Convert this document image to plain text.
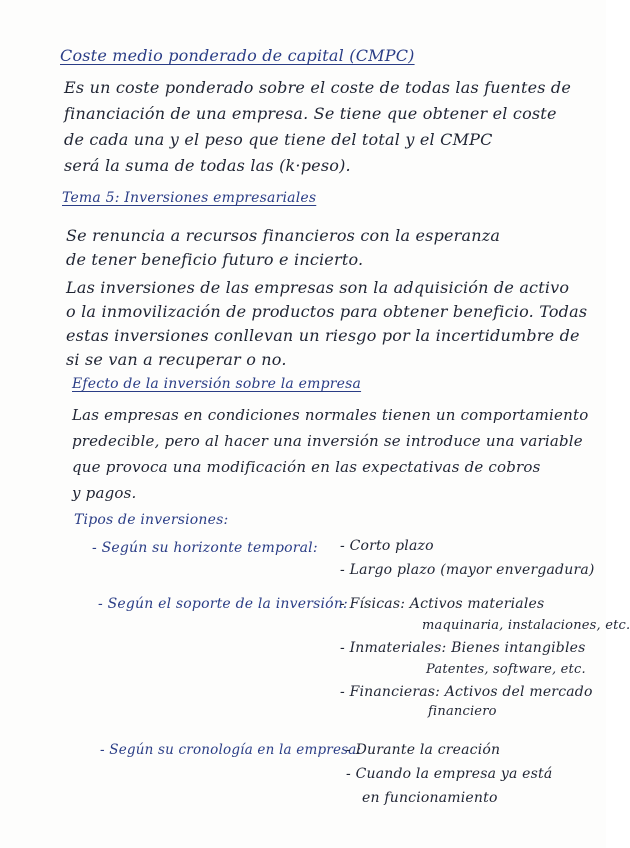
Coste medio ponderado de capital (CMPC)
Es un coste ponderado sobre el coste de todas las fuentes de
financiación de una empresa. Se tiene que obtener el coste
de cada una y el peso que tiene del total y el CMPC
será la suma de todas las (k·peso).
Tema 5: Inversiones empresariales
Se renuncia a recursos financieros con la esperanza
de tener beneficio futuro e incierto.
Las inversiones de las empresas son la adquisición de activo
o la inmovilización de productos para obtener beneficio. Todas
estas inversiones conllevan un riesgo por la incertidumbre de
si se van a recuperar o no.
Efecto de la inversión sobre la empresa
Las empresas en condiciones normales tienen un comportamiento
predecible, pero al hacer una inversión se introduce una variable
que provoca una modificación en las expectativas de cobros
y pagos.
Tipos de inversiones:
- Según su horizonte temporal: - Corto plazo
- Largo plazo (mayor envergadura)
- Según el soporte de la inversión:
- Físicas: Activos materiales
maquinaria, instalaciones, etc.
- Inmateriales: Bienes intangibles
Patentes, software, etc.
- Financieras: Activos del mercado
financiero
- Según su cronología en la empresa:
- Durante la creación
- Cuando la empresa ya está
en funcionamiento
